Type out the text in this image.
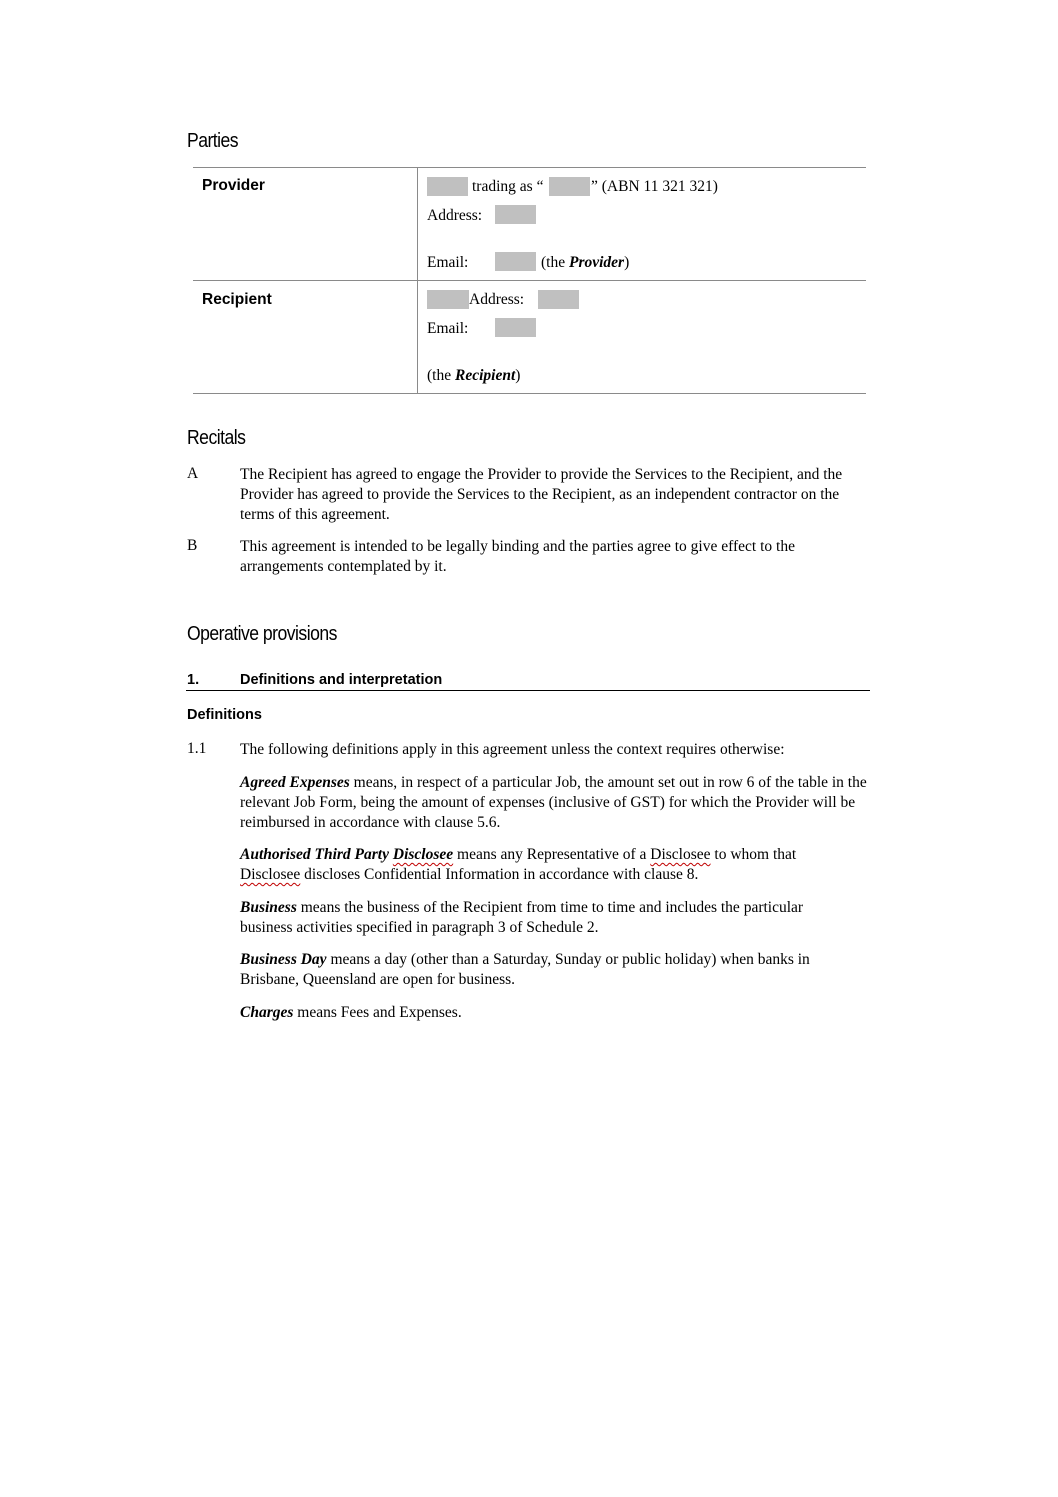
Parties
Provider	trading as “	” (ABN 11 321 321)
Address:
Email:	(the Provider)
Recipient	Address:
Email:
(the Recipient)
Recitals
A	The Recipient has agreed to engage the Provider to provide the Services to the Recipient, and the Provider has agreed to provide the Services to the Recipient, as an independent contractor on the terms of this agreement.
B	This agreement is intended to be legally binding and the parties agree to give effect to the arrangements contemplated by it.
Operative provisions
1.	Definitions and interpretation
Definitions
1.1 The following definitions apply in this agreement unless the context requires otherwise:
Agreed Expenses means, in respect of a particular Job, the amount set out in row 6 of the table in the relevant Job Form, being the amount of expenses (inclusive of GST) for which the Provider will be reimbursed in accordance with clause 5.6.
Authorised Third Party Disclosee means any Representative of a Disclosee to whom that
Disclosee discloses Confidential Information in accordance with clause 8.
Business means the business of the Recipient from time to time and includes the particular business activities specified in paragraph 3 of Schedule 2.
Business Day means a day (other than a Saturday, Sunday or public holiday) when banks in Brisbane, Queensland are open for business.
Charges means Fees and Expenses.
